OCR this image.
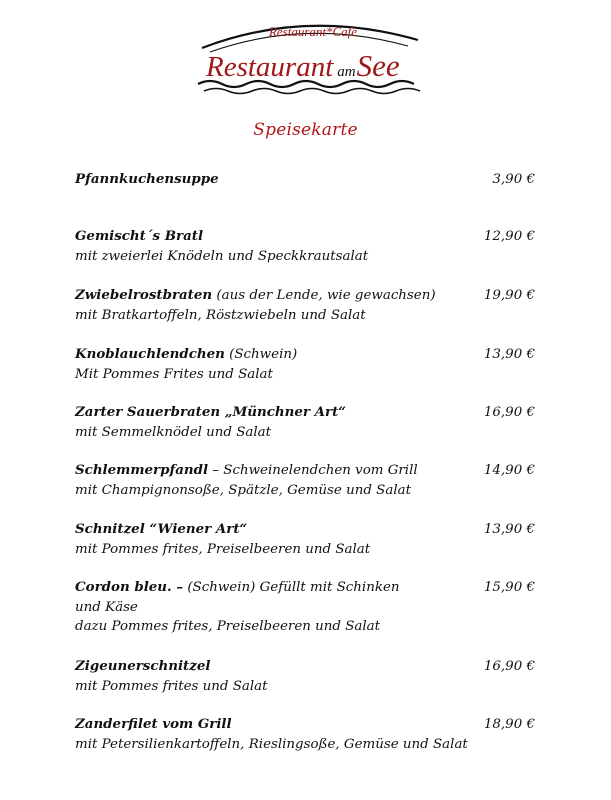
Restaurant*Café
Restaurant amSee
Speisekarte
Pfannkuchensuppe	3,90 €
Gemischt´s Bratl	12,90 €
mit zweierlei Knödeln und Speckkrautsalat
Zwiebelrostbraten (aus der Lende, wie gewachsen)	19,90 €
mit Bratkartoffeln, Röstzwiebeln und Salat
Knoblauchlendchen (Schwein)	13,90 €
Mit Pommes Frites und Salat
Zarter Sauerbraten „Münchner Art“	16,90 €
mit Semmelknödel und Salat
Schlemmerpfandl – Schweinelendchen vom Grill	14,90 €
mit Champignonsoße, Spätzle, Gemüse und Salat
Schnitzel “Wiener Art“	13,90 €
mit Pommes frites, Preiselbeeren und Salat
Cordon bleu. – (Schwein) Gefüllt mit Schinken	15,90 €
und Käse
dazu Pommes frites, Preiselbeeren und Salat
Zigeunerschnitzel	16,90 €
mit Pommes frites und Salat
Zanderfilet vom Grill	18,90 €
mit Petersilienkartoffeln, Rieslingsoße, Gemüse und Salat
